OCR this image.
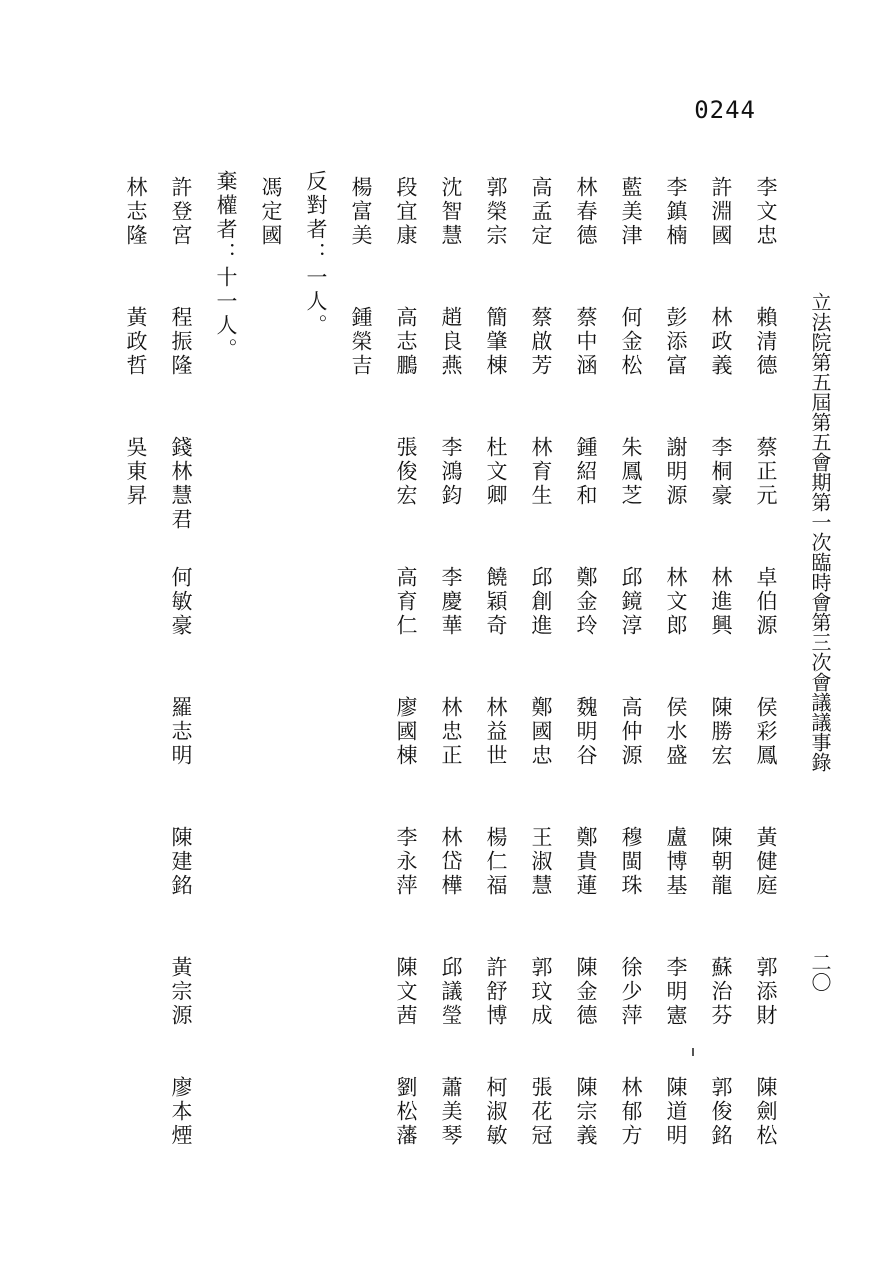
0244
立法院第五屆第五會期第一次臨時會第三次會議議事錄
二〇
李文忠
賴清德
蔡正元
卓伯源
侯彩鳳
黃健庭
郭添財
陳劍松
許淵國
林政義
李桐豪
林進興
陳勝宏
陳朝龍
蘇治芬
郭俊銘
李鎮楠
彭添富
謝明源
林文郎
侯水盛
盧博基
李明憲
陳道明
藍美津
何金松
朱鳳芝
邱鏡淳
高仲源
穆閩珠
徐少萍
林郁方
林春德
蔡中涵
鍾紹和
鄭金玲
魏明谷
鄭貴蓮
陳金德
陳宗義
高孟定
蔡啟芳
林育生
邱創進
鄭國忠
王淑慧
郭玟成
張花冠
郭榮宗
簡肇棟
杜文卿
饒穎奇
林益世
楊仁福
許舒博
柯淑敏
沈智慧
趙良燕
李鴻鈞
李慶華
林忠正
林岱樺
邱議瑩
蕭美琴
段宜康
高志鵬
張俊宏
高育仁
廖國棟
李永萍
陳文茜
劉松藩
楊富美
鍾榮吉
反對者：一人。
馮定國
棄權者：十一人。
許登宮
程振隆
錢林慧君
何敏豪
羅志明
陳建銘
黃宗源
廖本煙
林志隆
黃政哲
吳東昇
